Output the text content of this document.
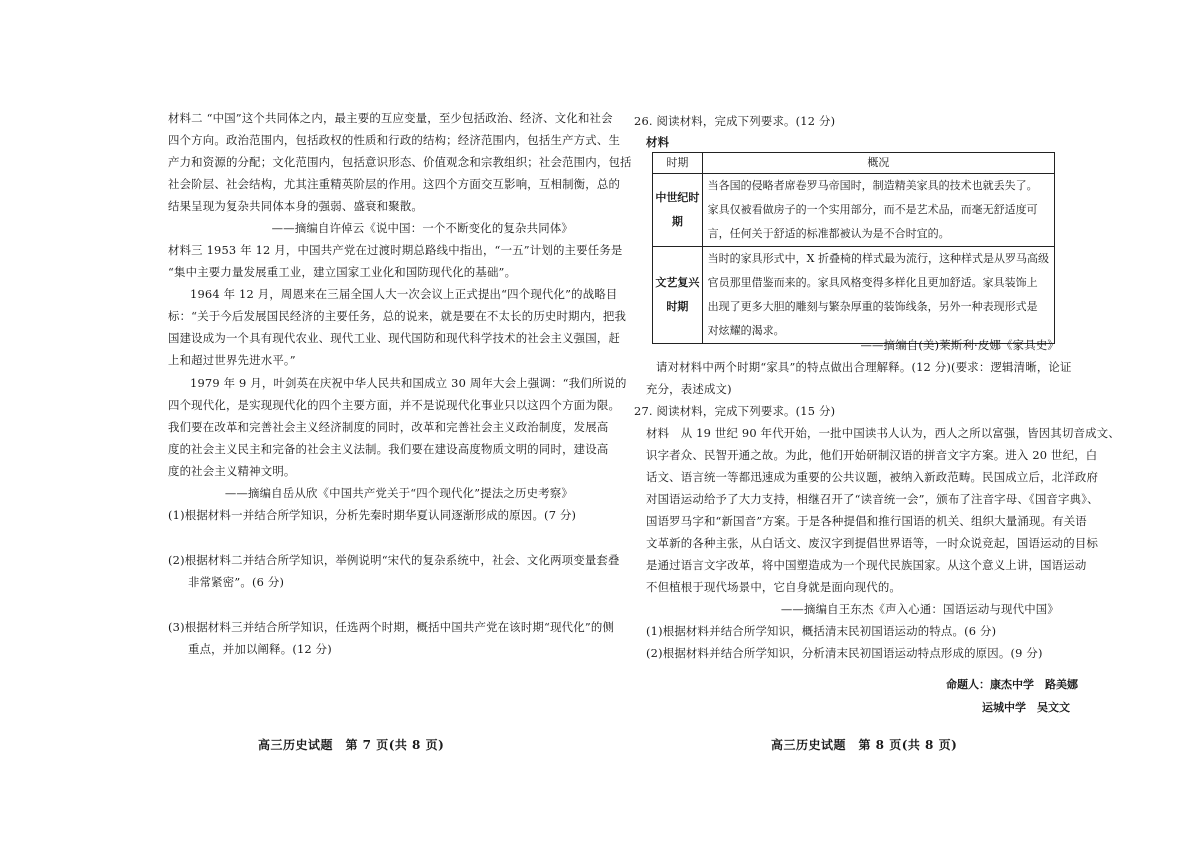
材料二 “中国”这个共同体之内，最主要的互应变量，至少包括政治、经济、文化和社会
四个方向。政治范围内，包括政权的性质和行政的结构；经济范围内，包括生产方式、生
产力和资源的分配；文化范围内，包括意识形态、价值观念和宗教组织；社会范围内，包括
社会阶层、社会结构，尤其注重精英阶层的作用。这四个方面交互影响，互相制衡，总的
结果呈现为复杂共同体本身的强弱、盛衰和聚散。
——摘编自许倬云《说中国：一个不断变化的复杂共同体》
材料三 1953 年 12 月，中国共产党在过渡时期总路线中指出，“一五”计划的主要任务是
“集中主要力量发展重工业，建立国家工业化和国防现代化的基础”。
1964 年 12 月，周恩来在三届全国人大一次会议上正式提出“四个现代化”的战略目
标：“关于今后发展国民经济的主要任务，总的说来，就是要在不太长的历史时期内，把我
国建设成为一个具有现代农业、现代工业、现代国防和现代科学技术的社会主义强国，赶
上和超过世界先进水平。”
1979 年 9 月，叶剑英在庆祝中华人民共和国成立 30 周年大会上强调：“我们所说的
四个现代化，是实现现代化的四个主要方面，并不是说现代化事业只以这四个方面为限。
我们要在改革和完善社会主义经济制度的同时，改革和完善社会主义政治制度，发展高
度的社会主义民主和完备的社会主义法制。我们要在建设高度物质文明的同时，建设高
度的社会主义精神文明。
——摘编自岳从欣《中国共产党关于“四个现代化”提法之历史考察》
(1)根据材料一并结合所学知识，分析先秦时期华夏认同逐渐形成的原因。(7 分)
(2)根据材料二并结合所学知识，举例说明“宋代的复杂系统中，社会、文化两项变量套叠
非常紧密”。(6 分)
(3)根据材料三并结合所学知识，任选两个时期，概括中国共产党在该时期“现代化”的侧
重点，并加以阐释。(12 分)
高三历史试题　第 7 页(共 8 页)
26. 阅读材料，完成下列要求。(12 分)
材料
时期	概况
中世纪时期	当各国的侵略者席卷罗马帝国时，制造精美家具的技术也就丢失了。
家具仅被看做房子的一个实用部分，而不是艺术品，而毫无舒适度可
言，任何关于舒适的标准都被认为是不合时宜的。

文艺复兴时期	当时的家具形式中，X 折叠椅的样式最为流行，这种样式是从罗马高级
官员那里借鉴而来的。家具风格变得多样化且更加舒适。家具装饰上
出现了更多大胆的雕刻与繁杂厚重的装饰线条，另外一种表现形式是
对炫耀的渴求。
——摘编自(美)莱斯利·皮娜《家具史》
请对材料中两个时期“家具”的特点做出合理解释。(12 分)(要求：逻辑清晰，论证
充分，表述成文)
27. 阅读材料，完成下列要求。(15 分)
材料　从 19 世纪 90 年代开始，一批中国读书人认为，西人之所以富强，皆因其切音成文、
识字者众、民智开通之故。为此，他们开始研制汉语的拼音文字方案。进入 20 世纪，白
话文、语言统一等都迅速成为重要的公共议题，被纳入新政范畴。民国成立后，北洋政府
对国语运动给予了大力支持，相继召开了“读音统一会”，颁布了注音字母、《国音字典》、
国语罗马字和“新国音”方案。于是各种提倡和推行国语的机关、组织大量涌现。有关语
文革新的各种主张，从白话文、废汉字到提倡世界语等，一时众说竞起，国语运动的目标
是通过语言文字改革，将中国塑造成为一个现代民族国家。从这个意义上讲，国语运动
不但植根于现代场景中，它自身就是面向现代的。
——摘编自王东杰《声入心通：国语运动与现代中国》
(1)根据材料并结合所学知识，概括清末民初国语运动的特点。(6 分)
(2)根据材料并结合所学知识，分析清末民初国语运动特点形成的原因。(9 分)
命题人：康杰中学　路美娜
运城中学　吴文文
高三历史试题　第 8 页(共 8 页)
